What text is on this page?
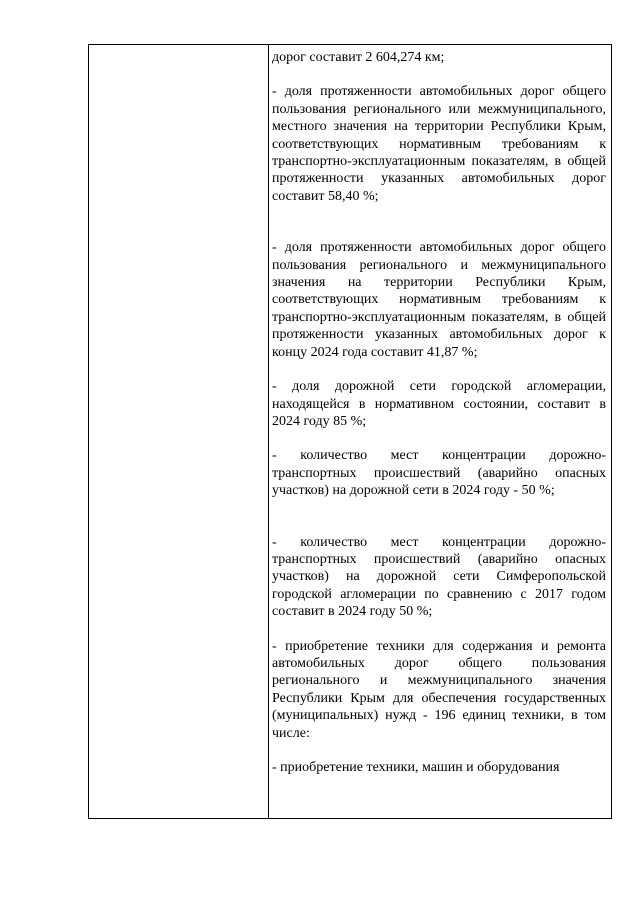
дорог составит 2 604,274 км;

- доля протяженности автомобильных дорог общего пользования регионального или межмуниципального, местного значения на территории Республики Крым, соответствующих нормативным требованиям к транспортно-эксплуатационным показателям, в общей протяженности указанных автомобильных дорог составит 58,40 %;

- доля протяженности автомобильных дорог общего пользования регионального и межмуниципального значения на территории Республики Крым, соответствующих нормативным требованиям к транспортно-эксплуатационным показателям, в общей протяженности указанных автомобильных дорог к концу 2024 года составит 41,87 %;

- доля дорожной сети городской агломерации, находящейся в нормативном состоянии, составит в 2024 году 85 %;

- количество мест концентрации дорожно-транспортных происшествий (аварийно опасных участков) на дорожной сети в 2024 году - 50 %;

- количество мест концентрации дорожно-транспортных происшествий (аварийно опасных участков) на дорожной сети Симферопольской городской агломерации по сравнению с 2017 годом составит в 2024 году 50 %;

- приобретение техники для содержания и ремонта автомобильных дорог общего пользования регионального и межмуниципального значения Республики Крым для обеспечения государственных (муниципальных) нужд - 196 единиц техники, в том числе:

- приобретение техники, машин и оборудования
